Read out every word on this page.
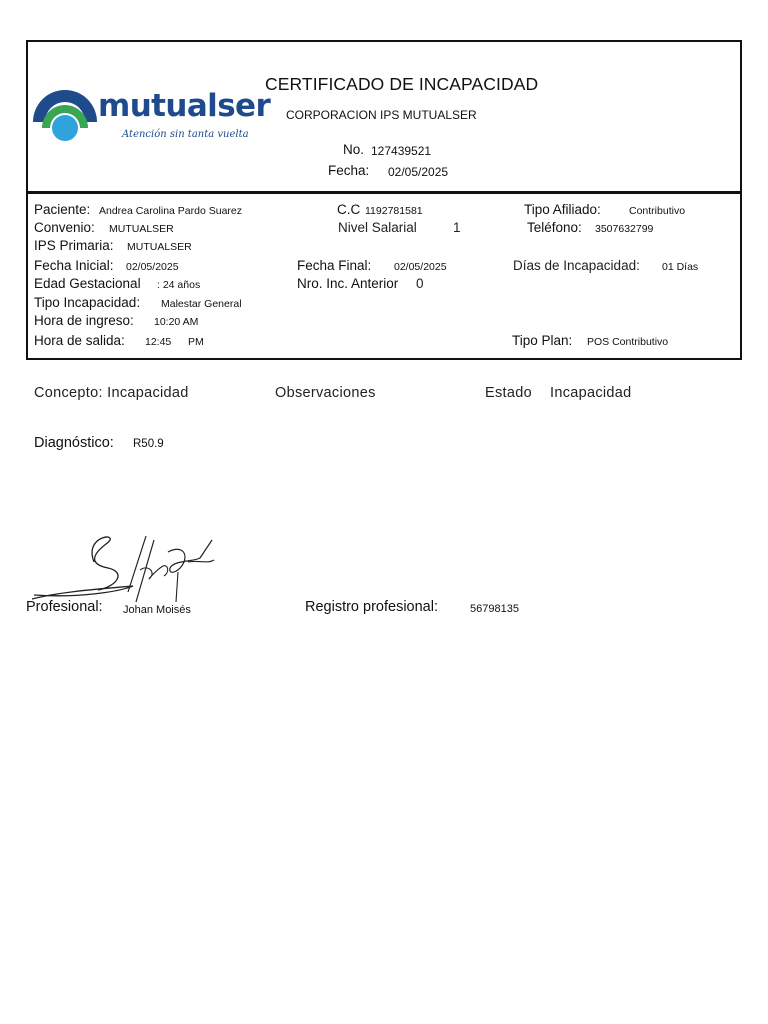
mutualser
Atención sin tanta vuelta
CERTIFICADO DE INCAPACIDAD
CORPORACION IPS MUTUALSER
No. 127439521
Fecha: 02/05/2025
Paciente: Andrea Carolina Pardo Suarez	C.C 1192781581	Tipo Afiliado:	Contributivo
Convenio: MUTUALSER	Nivel Salarial	1	Teléfono: 3507632799
IPS Primaria: MUTUALSER
Fecha Inicial: 02/05/2025	Fecha Final: 02/05/2025	Días de Incapacidad: 01 Días
Edad Gestacional : 24 años	Nro. Inc. Anterior 0
Tipo Incapacidad: Malestar General
Hora de ingreso: 10:20 AM
Hora de salida: 12:45 PM	Tipo Plan: POS Contributivo
Concepto: Incapacidad	Observaciones	Estado Incapacidad
Diagnóstico: R50.9
Profesional: Johan Moisés	Registro profesional:	56798135
